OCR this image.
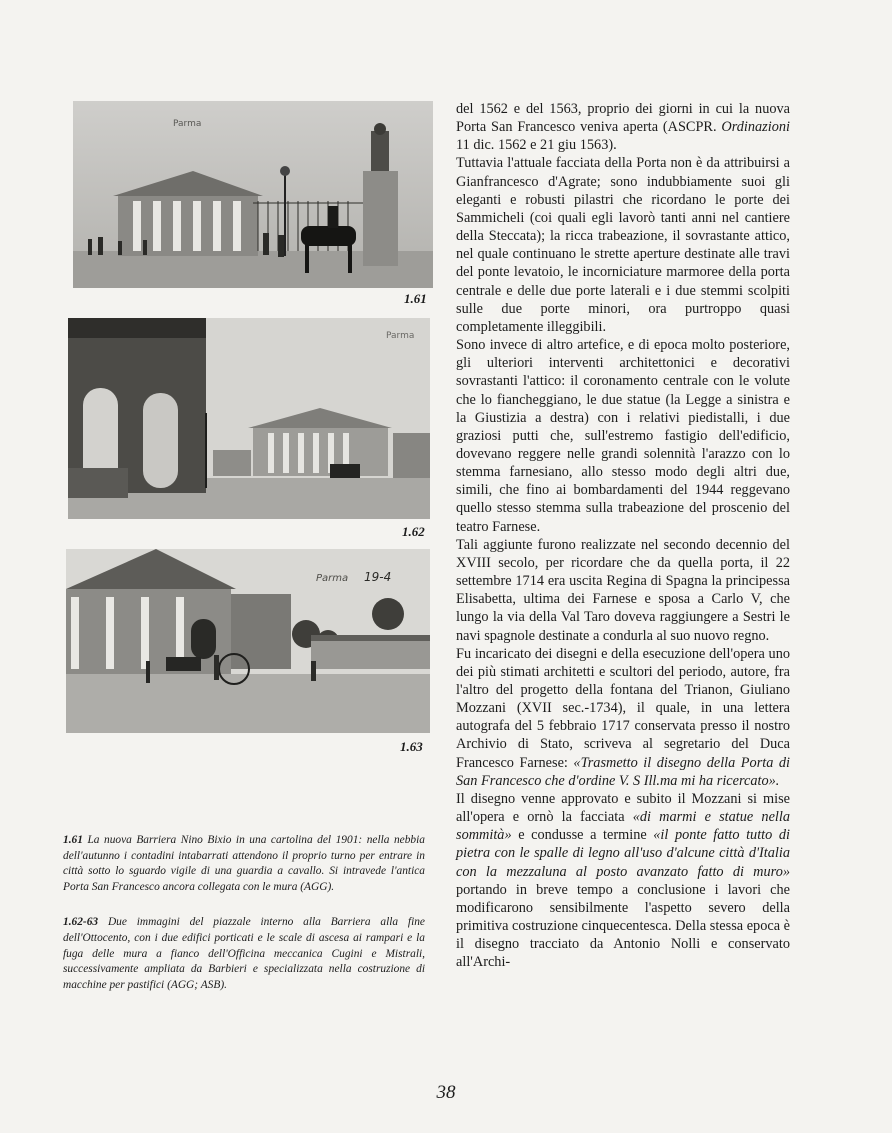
Parma
1.61
Parma
1.62
Parma 19-4
1.63

1.61 La nuova Barriera Nino Bixio in una cartolina del 1901: nella nebbia dell'autunno i contadini intabarrati attendono il proprio turno per entrare in città sotto lo sguardo vigile di una guardia a cavallo. Si intravede l'antica Porta San Francesco ancora collegata con le mura (AGG).

1.62-63 Due immagini del piazzale interno alla Barriera alla fine dell'Ottocento, con i due edifici porticati e le scale di ascesa ai rampari e la fuga delle mura a fianco dell'Officina meccanica Cugini e Mistrali, successivamente ampliata da Barbieri e specializzata nella costruzione di macchine per pastifici (AGG; ASB).

del 1562 e del 1563, proprio dei giorni in cui la nuova Porta San Francesco veniva aperta (ASCPR. Ordinazioni 11 dic. 1562 e 21 giu 1563).

Tuttavia l'attuale facciata della Porta non è da attribuirsi a Gianfrancesco d'Agrate; sono indubbiamente suoi gli eleganti e robusti pilastri che ricordano le porte dei Sammicheli (coi quali egli lavorò tanti anni nel cantiere della Steccata); la ricca trabeazione, il sovrastante attico, nel quale continuano le strette aperture destinate alle travi del ponte levatoio, le incorniciature marmoree della porta centrale e delle due porte laterali e i due stemmi scolpiti sulle due porte minori, ora purtroppo quasi completamente illeggibili.

Sono invece di altro artefice, e di epoca molto posteriore, gli ulteriori interventi architettonici e decorativi sovrastanti l'attico: il coronamento centrale con le volute che lo fiancheggiano, le due statue (la Legge a sinistra e la Giustizia a destra) con i relativi piedistalli, i due graziosi putti che, sull'estremo fastigio dell'edificio, dovevano reggere nelle grandi solennità l'arazzo con lo stemma farnesiano, allo stesso modo degli altri due, simili, che fino ai bombardamenti del 1944 reggevano quello stesso stemma sulla trabeazione del proscenio del teatro Farnese.

Tali aggiunte furono realizzate nel secondo decennio del XVIII secolo, per ricordare che da quella porta, il 22 settembre 1714 era uscita Regina di Spagna la principessa Elisabetta, ultima dei Farnese e sposa a Carlo V, che lungo la via della Val Taro doveva raggiungere a Sestri le navi spagnole destinate a condurla al suo nuovo regno.

Fu incaricato dei disegni e della esecuzione dell'opera uno dei più stimati architetti e scultori del periodo, autore, fra l'altro del progetto della fontana del Trianon, Giuliano Mozzani (XVII sec.-1734), il quale, in una lettera autografa del 5 febbraio 1717 conservata presso il nostro Archivio di Stato, scriveva al segretario del Duca Francesco Farnese: «Trasmetto il disegno della Porta di San Francesco che d'ordine V. S Ill.ma mi ha ricercato».

Il disegno venne approvato e subito il Mozzani si mise all'opera e ornò la facciata «di marmi e statue nella sommità» e condusse a termine «il ponte fatto tutto di pietra con le spalle di legno all'uso d'alcune città d'Italia con la mezzaluna al posto avanzato fatto di muro» portando in breve tempo a conclusione i lavori che modificarono sensibilmente l'aspetto severo della primitiva costruzione cinquecentesca. Della stessa epoca è il disegno tracciato da Antonio Nolli e conservato all'Archi-

38
